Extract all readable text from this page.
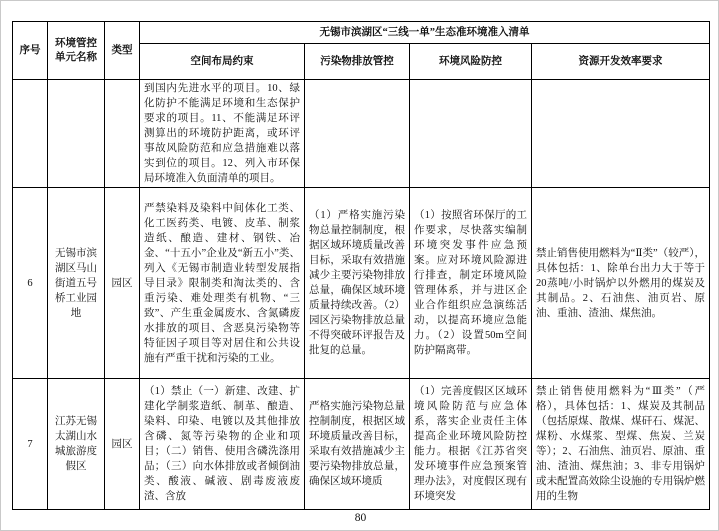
序号	环境管控单元名称	类型	无锡市滨湖区“三线一单”生态准环境准入清单			
			空间布局约束	污染物排放管控	环境风险防控	资源开发效率要求
			到国内先进水平的项目。10、绿化防护不能满足环境和生态保护要求的项目。11、不能满足环评测算出的环境防护距离，或环评事故风险防范和应急措施难以落实到位的项目。12、列入市环保局环境准入负面清单的项目。			
6	无锡市滨湖区马山街道五号桥工业园地	园区	严禁染料及染料中间体化工类、化工医药类、电镀、皮革、制浆造纸、酿造、建材、钢铁、冶金、“十五小”企业及“新五小”类、列入《无锡市制造业转型发展指导目录》限制类和淘汰类的、含重污染、难处理类有机物、“三致”、产生重金属废水、含氮磷废水排放的项目、含恶臭污染物等特征因子项目等对居住和公共设施有严重干扰和污染的工业。	（1）严格实施污染物总量控制制度，根据区域环境质量改善目标，采取有效措施减少主要污染物排放总量，确保区域环境质量持续改善。（2）园区污染物排放总量不得突破环评报告及批复的总量。	（1）按照省环保厅的工作要求，尽快落实编制环境突发事件应急预案。应对环境风险源进行排查，制定环境风险管理体系，并与进区企业合作组织应急演练活动，以提高环境应急能力。（2）设置50m空间防护隔离带。	禁止销售使用燃料为“Ⅱ类”（较严），具体包括：1、除单台出力大于等于20蒸吨/小时锅炉以外燃用的煤炭及其制品。2、石油焦、油页岩、原油、重油、渣油、煤焦油。
7	江苏无锡太湖山水城旅游度假区	园区	（1）禁止（一）新建、改建、扩建化学制浆造纸、制革、酿造、染料、印染、电镀以及其他排放含磷、氮等污染物的企业和项目；（二）销售、使用含磷洗涤用品；（三）向水体排放或者倾倒油类、酸液、碱液、剧毒废液废渣、含放	严格实施污染物总量控制制度，根据区域环境质量改善目标，采取有效措施减少主要污染物排放总量，确保区域环境质	（1）完善度假区区域环境风险防范与应急体系，落实企业责任主体提高企业环境风险防控能力。根据《江苏省突发环境事件应急预案管理办法》，对度假区现有环境突发	禁止销售使用燃料为“Ⅲ类”（严格），具体包括：1、煤炭及其制品（包括原煤、散煤、煤矸石、煤泥、煤粉、水煤浆、型煤、焦炭、兰炭等）；2、石油焦、油页岩、原油、重油、渣油、煤焦油；3、非专用锅炉或未配置高效除尘设施的专用锅炉燃用的生物
80
